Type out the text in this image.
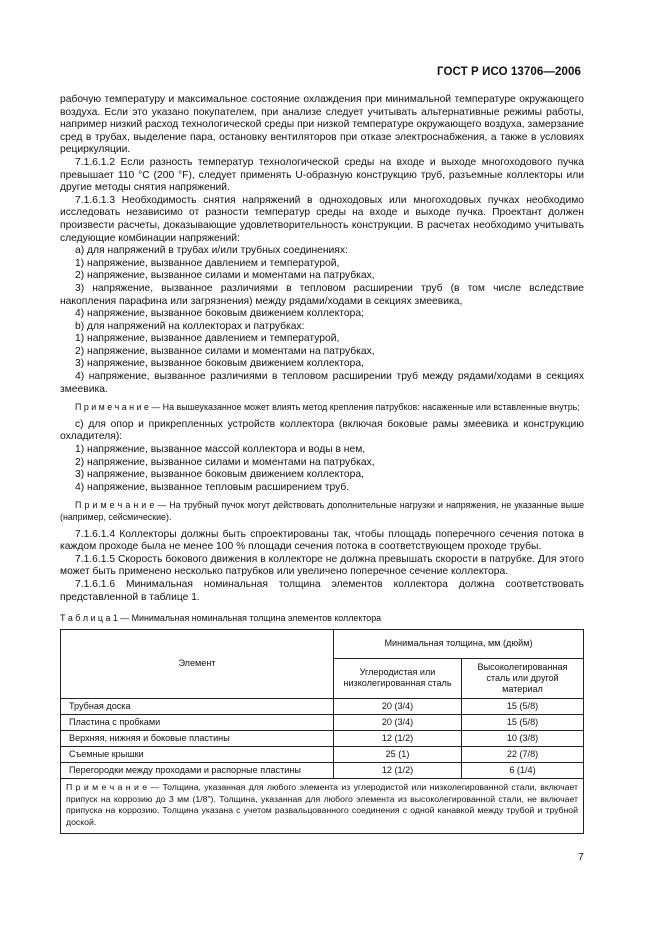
ГОСТ Р ИСО 13706—2006

рабочую температуру и максимальное состояние охлаждения при минимальной температуре окружающего воздуха. Если это указано покупателем, при анализе следует учитывать альтернативные режимы работы, например низкий расход технологической среды при низкой температуре окружающего воздуха, замерзание сред в трубах, выделение пара, остановку вентиляторов при отказе электроснабжения, а также в условиях рециркуляции.

7.1.6.1.2 Если разность температур технологической среды на входе и выходе многоходового пучка превышает 110 °С (200 °F), следует применять U-образную конструкцию труб, разъемные коллекторы или другие методы снятия напряжений.

7.1.6.1.3 Необходимость снятия напряжений в одноходовых или многоходовых пучках необходимо исследовать независимо от разности температур среды на входе и выходе пучка. Проектант должен произвести расчеты, доказывающие удовлетворительность конструкции. В расчетах необходимо учитывать следующие комбинации напряжений:

a) для напряжений в трубах и/или трубных соединениях:

1) напряжение, вызванное давлением и температурой,

2) напряжение, вызванное силами и моментами на патрубках,

3) напряжение, вызванное различиями в тепловом расширении труб (в том числе вследствие накопления парафина или загрязнения) между рядами/ходами в секциях змеевика,

4) напряжение, вызванное боковым движением коллектора;

b) для напряжений на коллекторах и патрубках:

1) напряжение, вызванное давлением и температурой,

2) напряжение, вызванное силами и моментами на патрубках,

3) напряжение, вызванное боковым движением коллектора,

4) напряжение, вызванное различиями в тепловом расширении труб между рядами/ходами в секциях змеевика.

П р и м е ч а н и е — На вышеуказанное может влиять метод крепления патрубков: насаженные или вставленные внутрь;

c) для опор и прикрепленных устройств коллектора (включая боковые рамы змеевика и конструкцию охладителя):

1) напряжение, вызванное массой коллектора и воды в нем,

2) напряжение, вызванное силами и моментами на патрубках,

3) напряжение, вызванное боковым движением коллектора,

4) напряжение, вызванное тепловым расширением труб.

П р и м е ч а н и е — На трубный пучок могут действовать дополнительные нагрузки и напряжения, не указанные выше (например, сейсмические).

7.1.6.1.4 Коллекторы должны быть спроектированы так, чтобы площадь поперечного сечения потока в каждом проходе была не менее 100 % площади сечения потока в соответствующем проходе трубы.

7.1.6.1.5 Скорость бокового движения в коллекторе не должна превышать скорости в патрубке. Для этого может быть применено несколько патрубков или увеличено поперечное сечение коллектора.

7.1.6.1.6 Минимальная номинальная толщина элементов коллектора должна соответствовать представленной в таблице 1.

Т а б л и ц а 1 — Минимальная номинальная толщина элементов коллектора

Элемент	Минимальная толщина, мм (дюйм)	
	Углеродистая или низколегированная сталь	Высоколегированная сталь или другой материал
Трубная доска	20 (3/4)	15 (5/8)
Пластина с пробками	20 (3/4)	15 (5/8)
Верхняя, нижняя и боковые пластины	12 (1/2)	10 (3/8)
Съемные крышки	25 (1)	22 (7/8)
Перегородки между проходами и распорные пластины	12 (1/2)	6 (1/4)
П р и м е ч а н и е — Толщина, указанная для любого элемента из углеродистой или низколегированной стали, включает припуск на коррозию до 3 мм (1/8"). Толщина, указанная для любого элемента из высоколегированной стали, не включает припуска на коррозию. Толщина указана с учетом развальцованного соединения с одной канавкой между трубой и трубной доской.		
7
